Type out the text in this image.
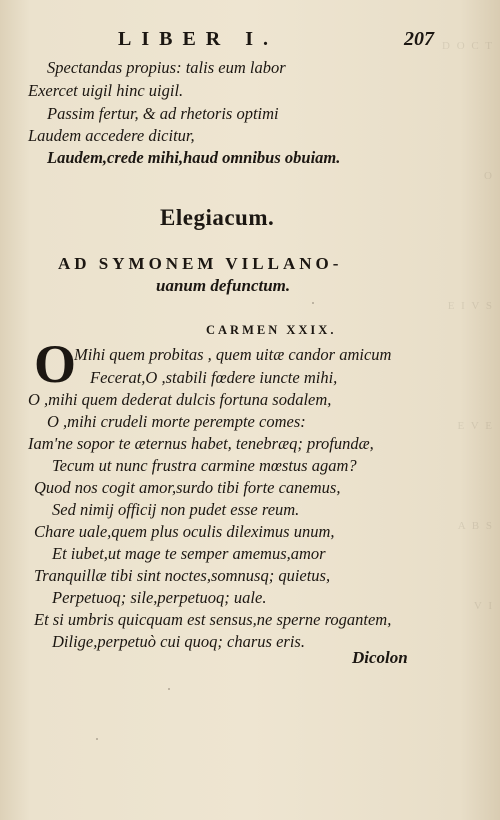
D O C T
O
E I V S
E V E
A B S
V I
LIBER I.	207
Spectandas propius: talis eum labor
Exercet uigil hinc uigil.
Passim fertur, & ad rhetoris optimi
Laudem accedere dicitur,
Laudem,crede mihi,haud omnibus obuiam.
Elegiacum.
AD SYMONEM VILLANO-
uanum defunctum.
CARMEN XXIX.
O
Mihi quem probitas , quem uitæ candor amicum
Fecerat,O ,stabili fœdere iuncte mihi,
O ,mihi quem dederat dulcis fortuna sodalem,
O ,mihi crudeli morte perempte comes:
Iam'ne sopor te æternus habet, tenebræq; profundæ,
Tecum ut nunc frustra carmine mœstus agam?
Quod nos cogit amor,surdo tibi forte canemus,
Sed nimij officij non pudet esse reum.
Chare uale,quem plus oculis dileximus unum,
Et iubet,ut mage te semper amemus,amor
Tranquillæ tibi sint noctes,somnusq; quietus,
Perpetuoq; sile,perpetuoq; uale.
Et si umbris quicquam est sensus,ne sperne rogantem,
Dilige,perpetuò cui quoq; charus eris.
Dicolon
